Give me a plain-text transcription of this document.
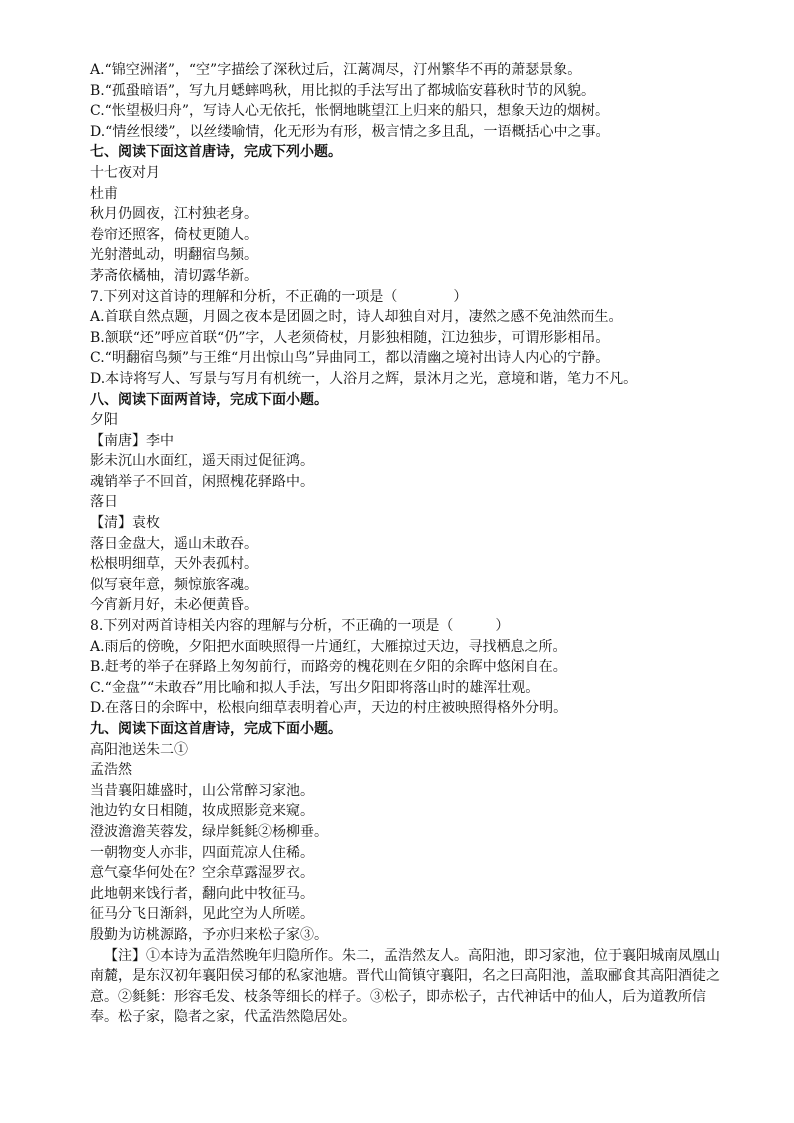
A.“锦空洲渚”，“空”字描绘了深秋过后，江蓠凋尽，汀州繁华不再的萧瑟景象。
B.“孤蛩暗语”，写九月蟋蟀鸣秋，用比拟的手法写出了都城临安暮秋时节的风貌。
C.“怅望极归舟”，写诗人心无依托，怅惘地眺望江上归来的船只，想象天边的烟树。
D.“情丝恨缕”，以丝缕喻情，化无形为有形，极言情之多且乱，一语概括心中之事。
七、阅读下面这首唐诗，完成下列小题。
十七夜对月
杜甫
秋月仍圆夜，江村独老身。
卷帘还照客，倚杖更随人。
光射潜虬动，明翻宿鸟频。
茅斋依橘柚，清切露华新。
7.下列对这首诗的理解和分析，不正确的一项是（　　　　）
A.首联自然点题，月圆之夜本是团圆之时，诗人却独自对月，凄然之感不免油然而生。
B.颔联“还”呼应首联“仍”字，人老须倚杖，月影独相随，江边独步，可谓形影相吊。
C.“明翻宿鸟频”与王维“月出惊山鸟”异曲同工，都以清幽之境衬出诗人内心的宁静。
D.本诗将写人、写景与写月有机统一，人浴月之辉，景沐月之光，意境和谐，笔力不凡。
八、阅读下面两首诗，完成下面小题。
夕阳
【南唐】李中
影未沉山水面红，遥天雨过促征鸿。
魂销举子不回首，闲照槐花驿路中。
落日
【清】袁枚
落日金盘大，遥山未敢吞。
松根明细草，天外表孤村。
似写衰年意，频惊旅客魂。
今宵新月好，未必便黄昏。
8.下列对两首诗相关内容的理解与分析，不正确的一项是（　　　）
A.雨后的傍晚，夕阳把水面映照得一片通红，大雁掠过天边，寻找栖息之所。
B.赶考的举子在驿路上匆匆前行，而路旁的槐花则在夕阳的余晖中悠闲自在。
C.“金盘”“未敢吞”用比喻和拟人手法，写出夕阳即将落山时的雄浑壮观。
D.在落日的余晖中，松根向细草表明着心声，天边的村庄被映照得格外分明。
九、阅读下面这首唐诗，完成下面小题。
高阳池送朱二①
孟浩然
当昔襄阳雄盛时，山公常醉习家池。
池边钓女日相随，妆成照影竞来窥。
澄波澹澹芙蓉发，绿岸毵毵②杨柳垂。
一朝物变人亦非，四面荒凉人住稀。
意气豪华何处在？空余草露湿罗衣。
此地朝来饯行者，翻向此中牧征马。
征马分飞日渐斜，见此空为人所嗟。
殷勤为访桃源路，予亦归来松子家③。
【注】①本诗为孟浩然晚年归隐所作。朱二，孟浩然友人。高阳池，即习家池，位于襄阳城南凤凰山南麓，是东汉初年襄阳侯习郁的私家池塘。晋代山简镇守襄阳，名之曰高阳池，盖取郦食其高阳酒徒之意。②毵毵：形容毛发、枝条等细长的样子。③松子，即赤松子，古代神话中的仙人，后为道教所信奉。松子家，隐者之家，代孟浩然隐居处。
